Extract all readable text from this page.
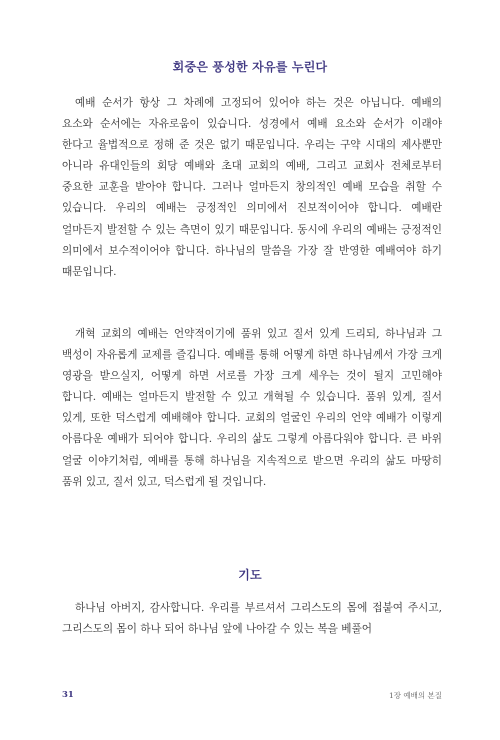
회중은 풍성한 자유를 누린다

예배 순서가 항상 그 차례에 고정되어 있어야 하는 것은 아닙니다. 예배의 요소와 순서에는 자유로움이 있습니다. 성경에서 예배 요소와 순서가 이래야 한다고 율법적으로 정해 준 것은 없기 때문입니다. 우리는 구약 시대의 제사뿐만 아니라 유대인들의 회당 예배와 초대 교회의 예배, 그리고 교회사 전체로부터 중요한 교훈을 받아야 합니다. 그러나 얼마든지 창의적인 예배 모습을 취할 수 있습니다. 우리의 예배는 긍정적인 의미에서 진보적이어야 합니다. 예배란 얼마든지 발전할 수 있는 측면이 있기 때문입니다. 동시에 우리의 예배는 긍정적인 의미에서 보수적이어야 합니다. 하나님의 말씀을 가장 잘 반영한 예배여야 하기 때문입니다.

개혁 교회의 예배는 언약적이기에 품위 있고 질서 있게 드리되, 하나님과 그 백성이 자유롭게 교제를 즐깁니다. 예배를 통해 어떻게 하면 하나님께서 가장 크게 영광을 받으실지, 어떻게 하면 서로를 가장 크게 세우는 것이 될지 고민해야 합니다. 예배는 얼마든지 발전할 수 있고 개혁될 수 있습니다. 품위 있게, 질서 있게, 또한 덕스럽게 예배해야 합니다. 교회의 얼굴인 우리의 언약 예배가 이렇게 아름다운 예배가 되어야 합니다. 우리의 삶도 그렇게 아름다워야 합니다. 큰 바위 얼굴 이야기처럼, 예배를 통해 하나님을 지속적으로 받으면 우리의 삶도 마땅히 품위 있고, 질서 있고, 덕스럽게 될 것입니다.

기도

하나님 아버지, 감사합니다. 우리를 부르셔서 그리스도의 몸에 접붙여 주시고, 그리스도의 몸이 하나 되어 하나님 앞에 나아갈 수 있는 복을 베풀어

31	1장 예배의 본질
